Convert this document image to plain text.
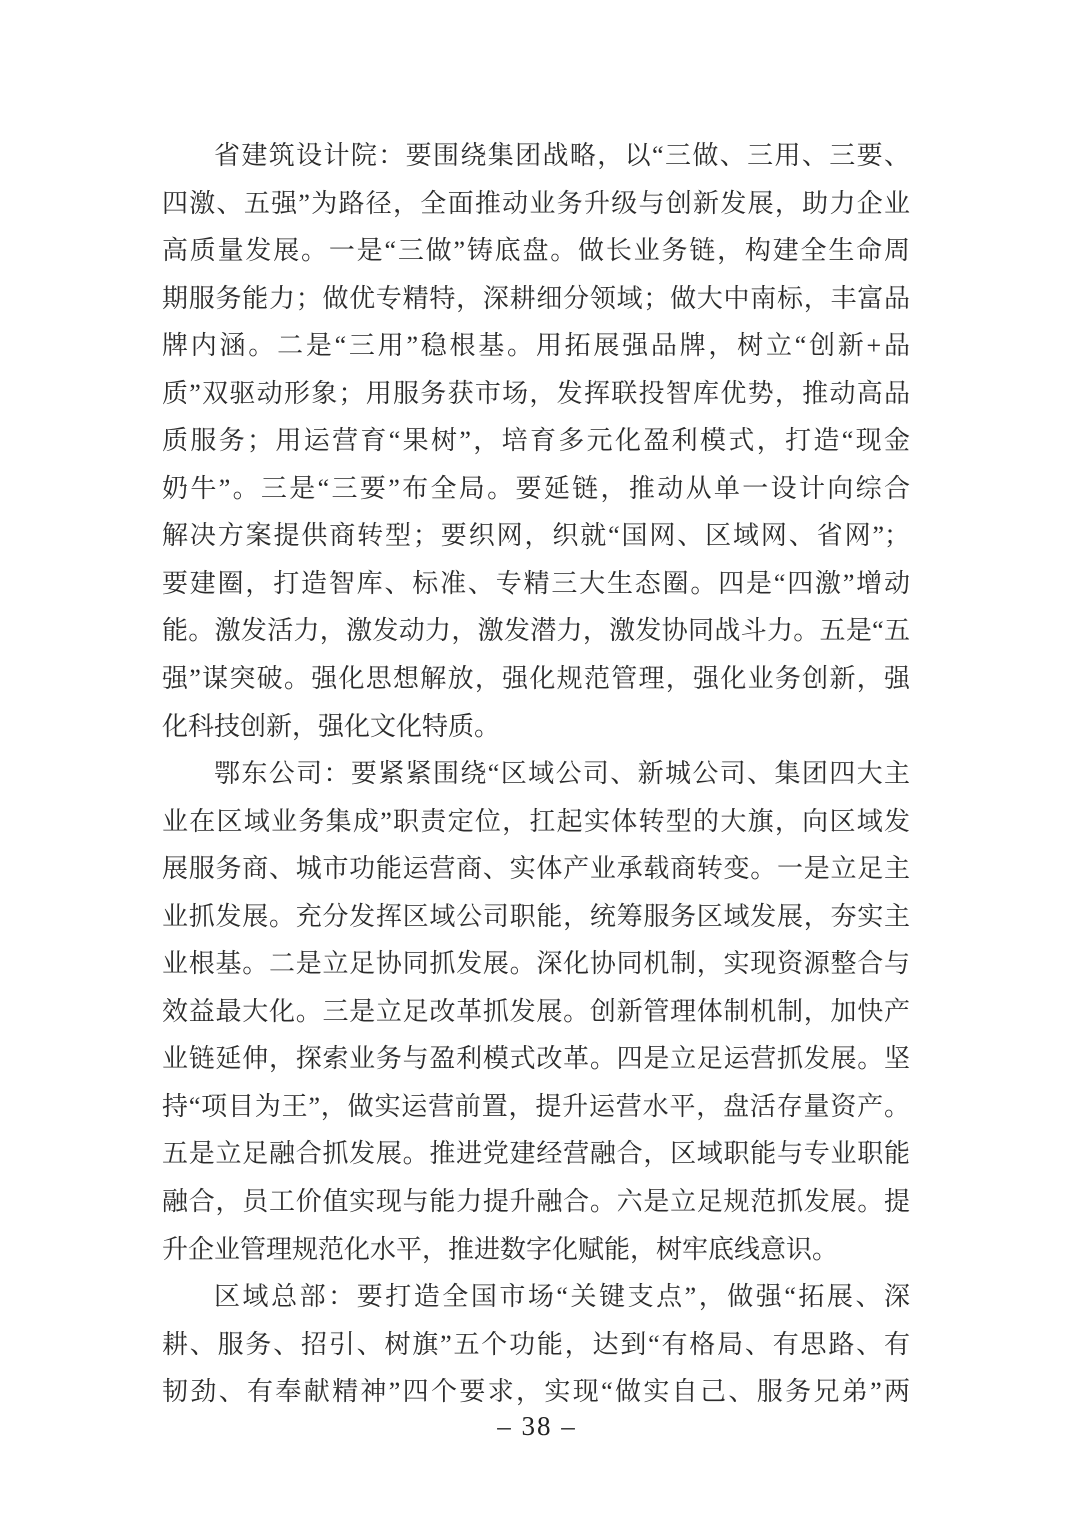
省建筑设计院：要围绕集团战略，以“三做、三用、三要、
四激、五强”为路径，全面推动业务升级与创新发展，助力企业
高质量发展。一是“三做”铸底盘。做长业务链，构建全生命周
期服务能力；做优专精特，深耕细分领域；做大中南标，丰富品
牌内涵。二是“三用”稳根基。用拓展强品牌，树立“创新+品
质”双驱动形象；用服务获市场，发挥联投智库优势，推动高品
质服务；用运营育“果树”，培育多元化盈利模式，打造“现金
奶牛”。三是“三要”布全局。要延链，推动从单一设计向综合
解决方案提供商转型；要织网，织就“国网、区域网、省网”；
要建圈，打造智库、标准、专精三大生态圈。四是“四激”增动
能。激发活力，激发动力，激发潜力，激发协同战斗力。五是“五
强”谋突破。强化思想解放，强化规范管理，强化业务创新，强
化科技创新，强化文化特质。
鄂东公司：要紧紧围绕“区域公司、新城公司、集团四大主
业在区域业务集成”职责定位，扛起实体转型的大旗，向区域发
展服务商、城市功能运营商、实体产业承载商转变。一是立足主
业抓发展。充分发挥区域公司职能，统筹服务区域发展，夯实主
业根基。二是立足协同抓发展。深化协同机制，实现资源整合与
效益最大化。三是立足改革抓发展。创新管理体制机制，加快产
业链延伸，探索业务与盈利模式改革。四是立足运营抓发展。坚
持“项目为王”，做实运营前置，提升运营水平，盘活存量资产。
五是立足融合抓发展。推进党建经营融合，区域职能与专业职能
融合，员工价值实现与能力提升融合。六是立足规范抓发展。提
升企业管理规范化水平，推进数字化赋能，树牢底线意识。
区域总部：要打造全国市场“关键支点”，做强“拓展、深
耕、服务、招引、树旗”五个功能，达到“有格局、有思路、有
韧劲、有奉献精神”四个要求，实现“做实自己、服务兄弟”两
– 38 –
